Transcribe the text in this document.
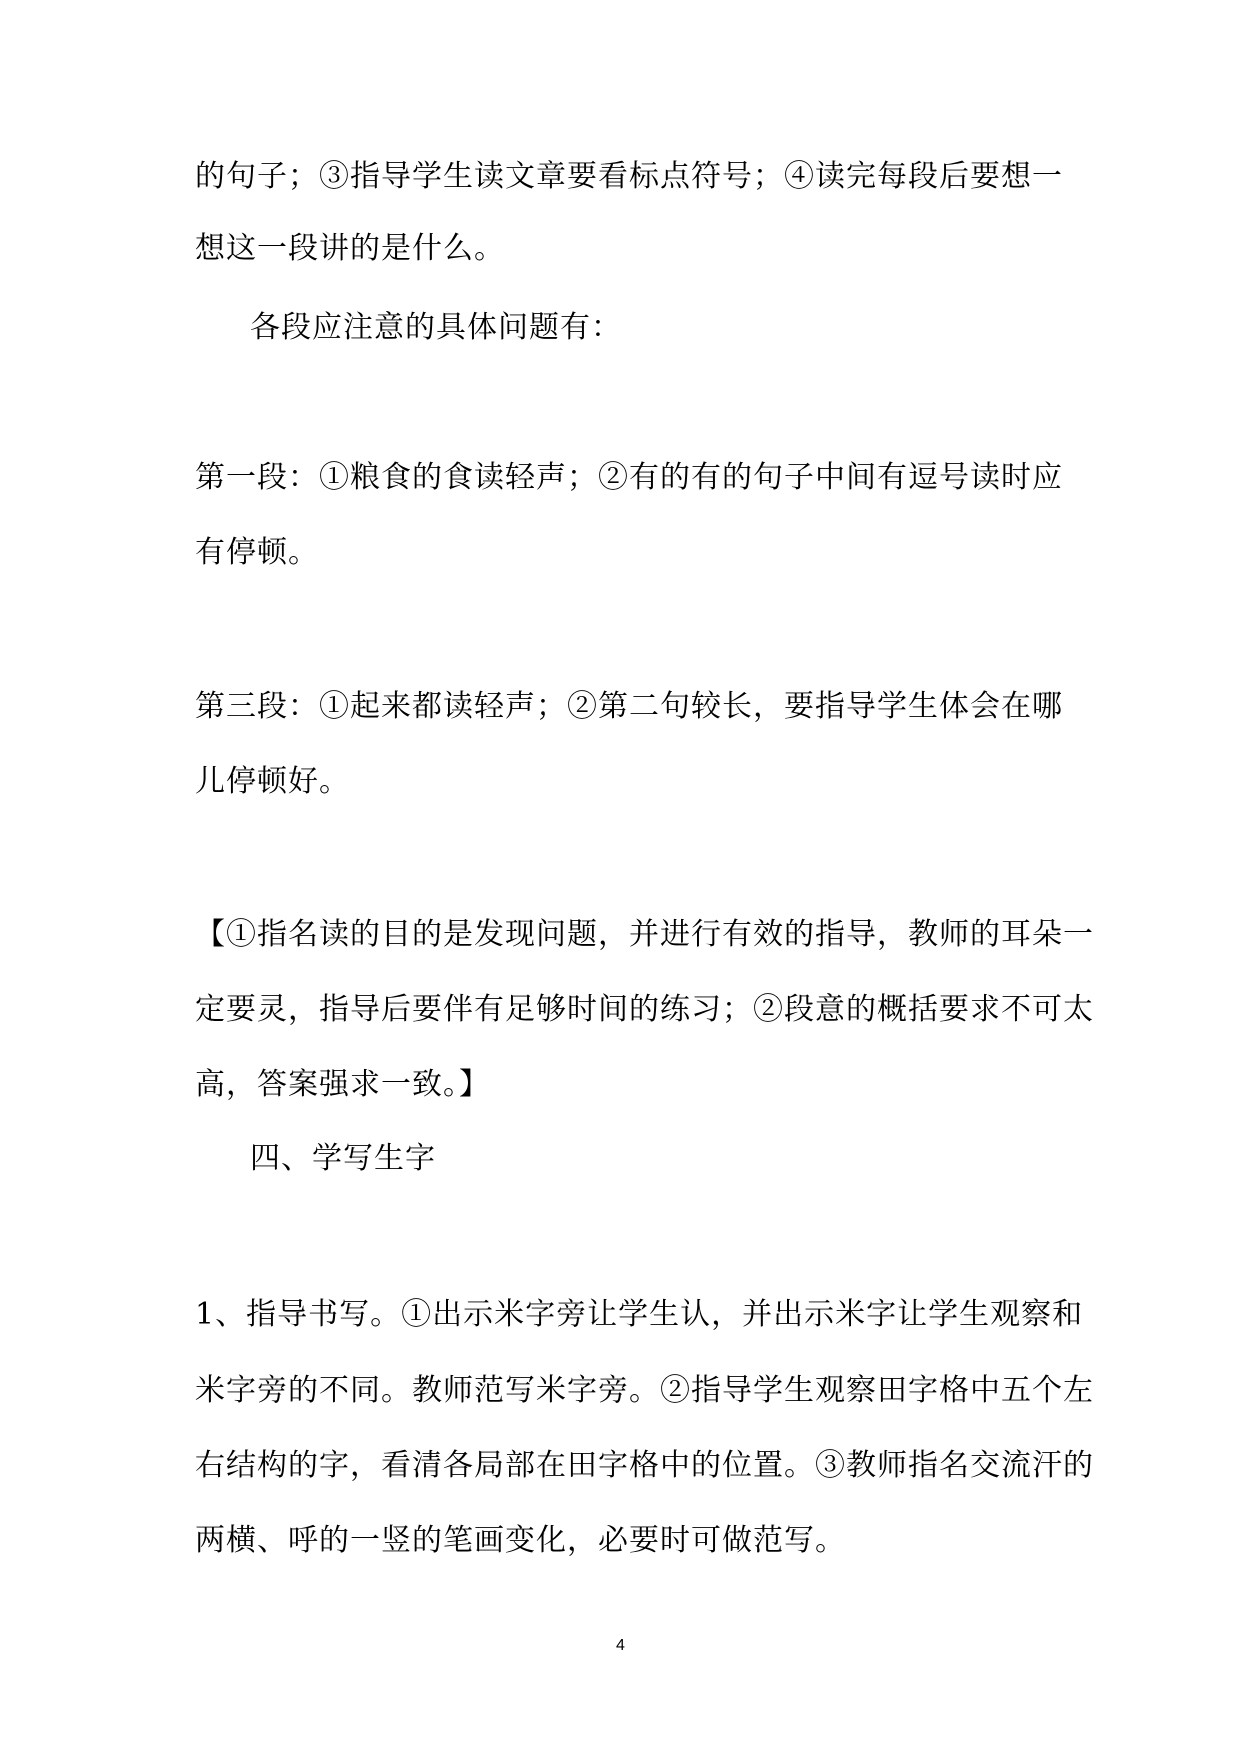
的句子；③指导学生读文章要看标点符号；④读完每段后要想一
想这一段讲的是什么。
各段应注意的具体问题有：
第一段：①粮食的食读轻声；②有的有的句子中间有逗号读时应
有停顿。
第三段：①起来都读轻声；②第二句较长，要指导学生体会在哪
儿停顿好。
【①指名读的目的是发现问题，并进行有效的指导，教师的耳朵一
定要灵，指导后要伴有足够时间的练习；②段意的概括要求不可太
高，答案强求一致。】
四、学写生字
1、指导书写。①出示米字旁让学生认，并出示米字让学生观察和
米字旁的不同。教师范写米字旁。②指导学生观察田字格中五个左
右结构的字，看清各局部在田字格中的位置。③教师指名交流汗的
两横、呼的一竖的笔画变化，必要时可做范写。
4
